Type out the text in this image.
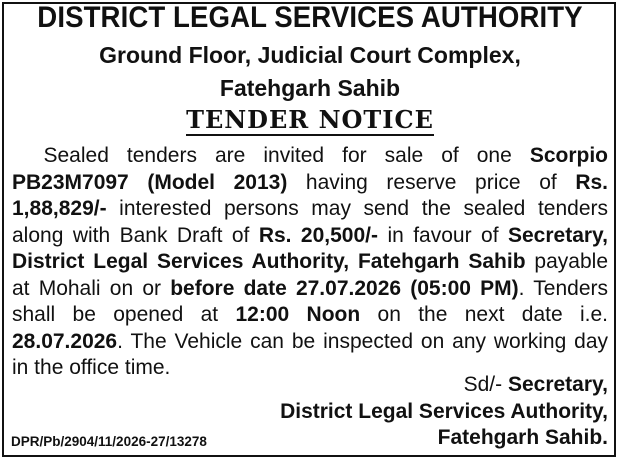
DISTRICT LEGAL SERVICES AUTHORITY
Ground Floor, Judicial Court Complex,
Fatehgarh Sahib
TENDER NOTICE
  Sealed tenders are invited for sale of one Scorpio PB23M7097 (Model 2013) having reserve price of Rs. 1,88,829/- interested persons may send the sealed tenders along with Bank Draft of Rs. 20,500/- in favour of Secretary, District Legal Services Authority, Fatehgarh Sahib payable at Mohali on or before date 27.07.2026 (05:00 PM). Tenders shall be opened at 12:00 Noon on the next date i.e. 28.07.2026. The Vehicle can be inspected on any working day in the office time.
Sd/- Secretary,
District Legal Services Authority,
Fatehgarh Sahib.
DPR/Pb/2904/11/2026-27/13278
